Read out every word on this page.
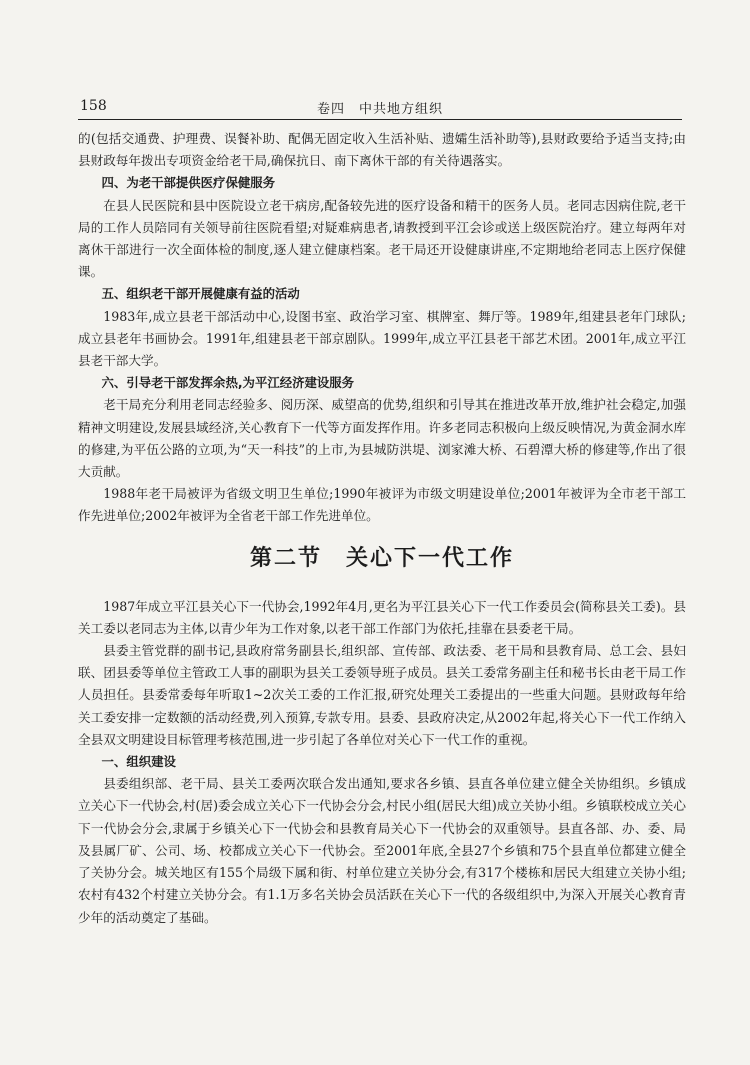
158	卷四　中共地方组织

的(包括交通费、护理费、误餐补助、配偶无固定收入生活补贴、遗孀生活补助等),县财政要给予适当支持;由县财政每年拨出专项资金给老干局,确保抗日、南下离休干部的有关待遇落实。

四、为老干部提供医疗保健服务

在县人民医院和县中医院设立老干病房,配备较先进的医疗设备和精干的医务人员。老同志因病住院,老干局的工作人员陪同有关领导前往医院看望;对疑难病患者,请教授到平江会诊或送上级医院治疗。建立每两年对离休干部进行一次全面体检的制度,逐人建立健康档案。老干局还开设健康讲座,不定期地给老同志上医疗保健课。

五、组织老干部开展健康有益的活动

1983年,成立县老干部活动中心,设图书室、政治学习室、棋牌室、舞厅等。1989年,组建县老年门球队;成立县老年书画协会。1991年,组建县老干部京剧队。1999年,成立平江县老干部艺术团。2001年,成立平江县老干部大学。

六、引导老干部发挥余热,为平江经济建设服务

老干局充分利用老同志经验多、阅历深、威望高的优势,组织和引导其在推进改革开放,维护社会稳定,加强精神文明建设,发展县域经济,关心教育下一代等方面发挥作用。许多老同志积极向上级反映情况,为黄金洞水库的修建,为平伍公路的立项,为“天一科技”的上市,为县城防洪堤、浏家滩大桥、石碧潭大桥的修建等,作出了很大贡献。

1988年老干局被评为省级文明卫生单位;1990年被评为市级文明建设单位;2001年被评为全市老干部工作先进单位;2002年被评为全省老干部工作先进单位。

第二节 关心下一代工作

1987年成立平江县关心下一代协会,1992年4月,更名为平江县关心下一代工作委员会(简称县关工委)。县关工委以老同志为主体,以青少年为工作对象,以老干部工作部门为依托,挂靠在县委老干局。

县委主管党群的副书记,县政府常务副县长,组织部、宣传部、政法委、老干局和县教育局、总工会、县妇联、团县委等单位主管政工人事的副职为县关工委领导班子成员。县关工委常务副主任和秘书长由老干局工作人员担任。县委常委每年听取1~2次关工委的工作汇报,研究处理关工委提出的一些重大问题。县财政每年给关工委安排一定数额的活动经费,列入预算,专款专用。县委、县政府决定,从2002年起,将关心下一代工作纳入全县双文明建设目标管理考核范围,进一步引起了各单位对关心下一代工作的重视。

一、组织建设

县委组织部、老干局、县关工委两次联合发出通知,要求各乡镇、县直各单位建立健全关协组织。乡镇成立关心下一代协会,村(居)委会成立关心下一代协会分会,村民小组(居民大组)成立关协小组。乡镇联校成立关心下一代协会分会,隶属于乡镇关心下一代协会和县教育局关心下一代协会的双重领导。县直各部、办、委、局及县属厂矿、公司、场、校都成立关心下一代协会。至2001年底,全县27个乡镇和75个县直单位都建立健全了关协分会。城关地区有155个局级下属和街、村单位建立关协分会,有317个楼栋和居民大组建立关协小组;农村有432个村建立关协分会。有1.1万多名关协会员活跃在关心下一代的各级组织中,为深入开展关心教育青少年的活动奠定了基础。
